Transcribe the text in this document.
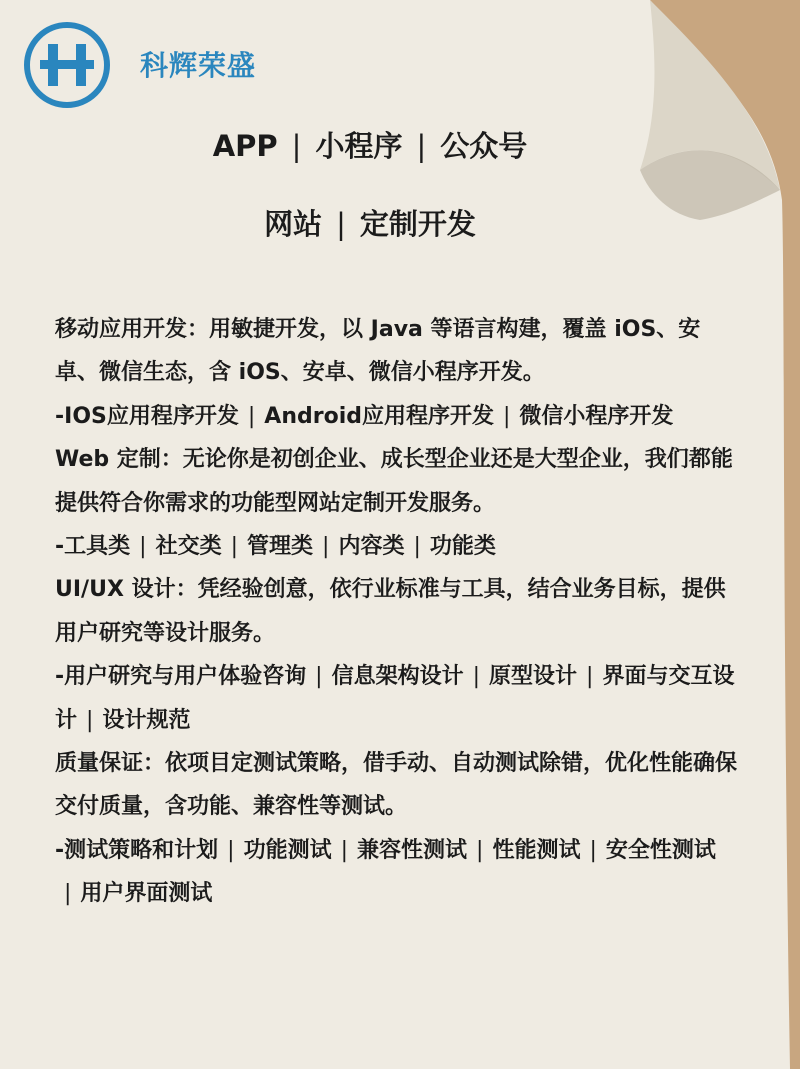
科辉荣盛
APP | 小程序 | 公众号
网站 | 定制开发

移动应用开发：用敏捷开发，以 Java 等语言构建，覆盖 iOS、安卓、微信生态，含 iOS、安卓、微信小程序开发。

-IOS应用程序开发 | Android应用程序开发 | 微信小程序开发

Web 定制：无论你是初创企业、成长型企业还是大型企业，我们都能提供符合你需求的功能型网站定制开发服务。

-工具类 | 社交类 | 管理类 | 内容类 | 功能类

UI/UX 设计：凭经验创意，依行业标准与工具，结合业务目标，提供用户研究等设计服务。

-用户研究与用户体验咨询 | 信息架构设计 | 原型设计 | 界面与交互设计 | 设计规范

质量保证：依项目定测试策略，借手动、自动测试除错，优化性能确保交付质量，含功能、兼容性等测试。

-测试策略和计划 | 功能测试 | 兼容性测试 | 性能测试 | 安全性测试| 用户界面测试
